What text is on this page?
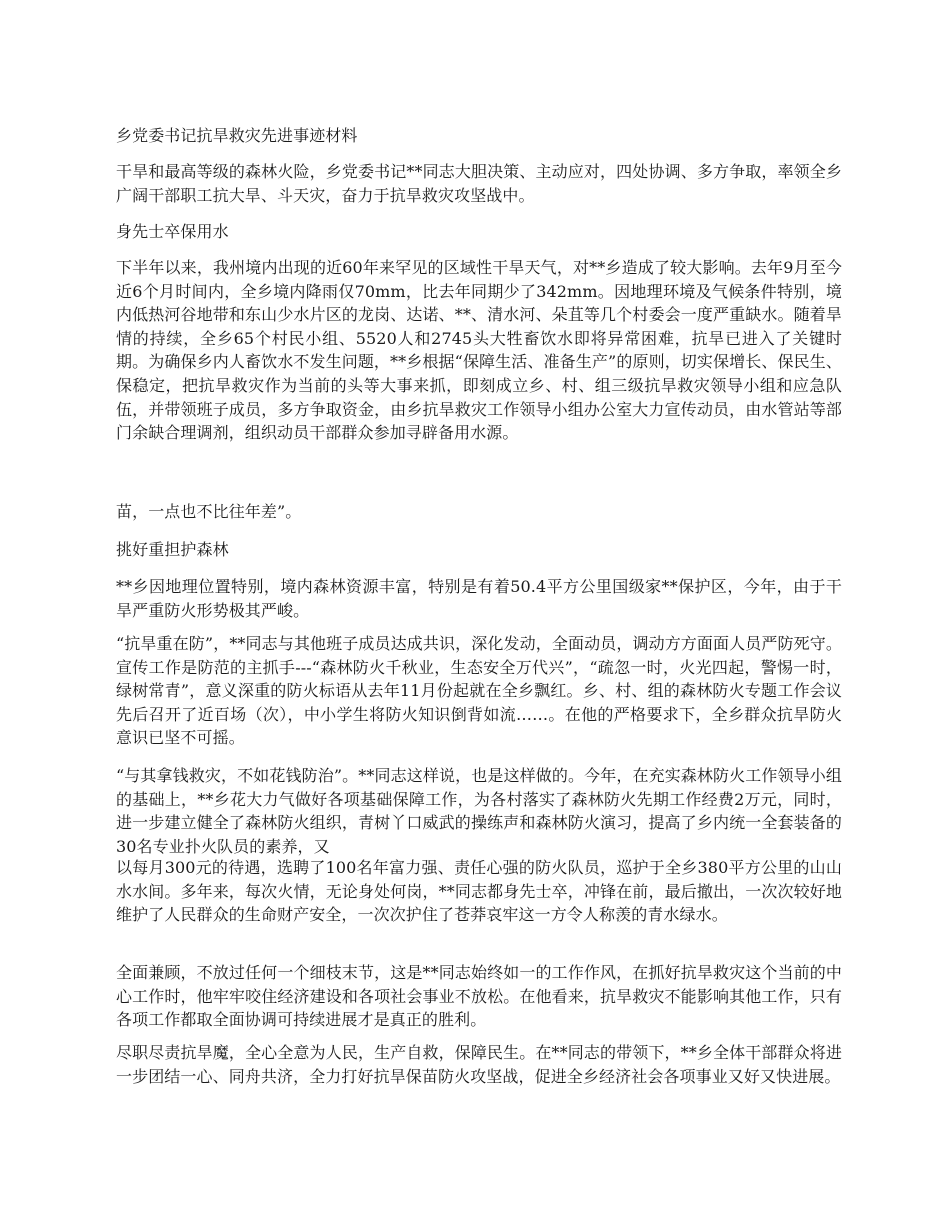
乡党委书记抗旱救灾先进事迹材料

干旱和最高等级的森林火险，乡党委书记**同志大胆决策、主动应对，四处协调、多方争取，率领全乡广阔干部职工抗大旱、斗天灾，奋力于抗旱救灾攻坚战中。

身先士卒保用水

下半年以来，我州境内出现的近60年来罕见的区域性干旱天气，对**乡造成了较大影响。去年9月至今近6个月时间内，全乡境内降雨仅70mm，比去年同期少了342mm。因地理环境及气候条件特别，境内低热河谷地带和东山少水片区的龙岗、达诺、**、清水河、朵苴等几个村委会一度严重缺水。随着旱情的持续，全乡65个村民小组、5520人和2745头大牲畜饮水即将异常困难，抗旱已进入了关键时期。为确保乡内人畜饮水不发生问题，**乡根据“保障生活、准备生产”的原则，切实保增长、保民生、保稳定，把抗旱救灾作为当前的头等大事来抓，即刻成立乡、村、组三级抗旱救灾领导小组和应急队伍，并带领班子成员，多方争取资金，由乡抗旱救灾工作领导小组办公室大力宣传动员，由水管站等部门余缺合理调剂，组织动员干部群众参加寻辟备用水源。

苗，一点也不比往年差”。

挑好重担护森林

**乡因地理位置特别，境内森林资源丰富，特别是有着50.4平方公里国级家**保护区，今年，由于干旱严重防火形势极其严峻。

“抗旱重在防”，**同志与其他班子成员达成共识，深化发动，全面动员，调动方方面面人员严防死守。宣传工作是防范的主抓手---“森林防火千秋业，生态安全万代兴”，“疏忽一时，火光四起，警惕一时，绿树常青”，意义深重的防火标语从去年11月份起就在全乡飘红。乡、村、组的森林防火专题工作会议先后召开了近百场（次），中小学生将防火知识倒背如流……。在他的严格要求下，全乡群众抗旱防火意识已坚不可摇。

“与其拿钱救灾，不如花钱防治”。**同志这样说，也是这样做的。今年，在充实森林防火工作领导小组的基础上，**乡花大力气做好各项基础保障工作，为各村落实了森林防火先期工作经费2万元，同时，进一步建立健全了森林防火组织，青树丫口威武的操练声和森林防火演习，提高了乡内统一全套装备的30名专业扑火队员的素养，又

以每月300元的待遇，选聘了100名年富力强、责任心强的防火队员，巡护于全乡380平方公里的山山水水间。多年来，每次火情，无论身处何岗，**同志都身先士卒，冲锋在前，最后撤出，一次次较好地维护了人民群众的生命财产安全，一次次护住了苍莽哀牢这一方令人称羡的青水绿水。

全面兼顾，不放过任何一个细枝末节，这是**同志始终如一的工作作风，在抓好抗旱救灾这个当前的中心工作时，他牢牢咬住经济建设和各项社会事业不放松。在他看来，抗旱救灾不能影响其他工作，只有各项工作都取全面协调可持续进展才是真正的胜利。

尽职尽责抗旱魔，全心全意为人民，生产自救，保障民生。在**同志的带领下，**乡全体干部群众将进一步团结一心、同舟共济，全力打好抗旱保苗防火攻坚战，促进全乡经济社会各项事业又好又快进展。
